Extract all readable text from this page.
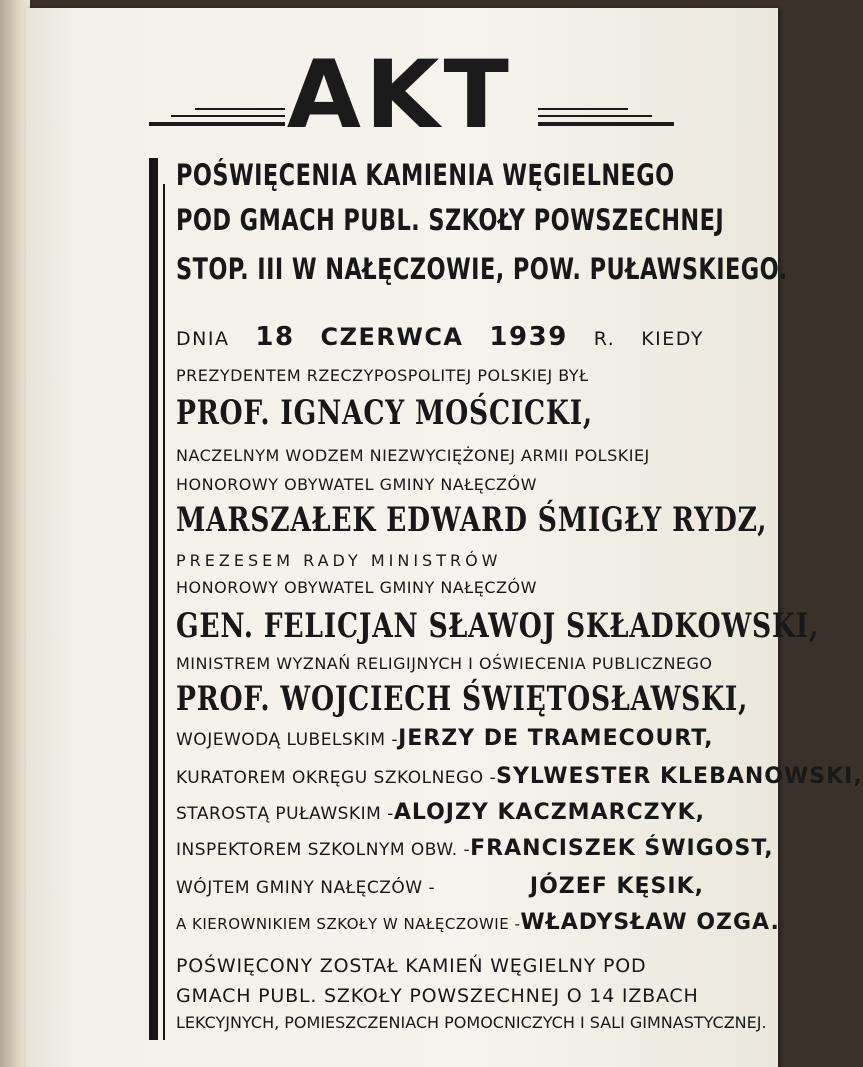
AKT
POŚWIĘCENIA KAMIENIA WĘGIELNEGO
POD GMACH PUBL. SZKOŁY POWSZECHNEJ
STOP. III W NAŁĘCZOWIE, POW. PUŁAWSKIEGO.
DNIA 18 CZERWCA 1939 R. KIEDY
PREZYDENTEM RZECZYPOSPOLITEJ POLSKIEJ BYŁ
PROF. IGNACY MOŚCICKI,
NACZELNYM WODZEM NIEZWYCIĘŻONEJ ARMII POLSKIEJ
HONOROWY OBYWATEL GMINY NAŁĘCZÓW
MARSZAŁEK EDWARD ŚMIGŁY RYDZ,
PREZESEM RADY MINISTRÓW
HONOROWY OBYWATEL GMINY NAŁĘCZÓW
GEN. FELICJAN SŁAWOJ SKŁADKOWSKI,
MINISTREM WYZNAŃ RELIGIJNYCH I OŚWIECENIA PUBLICZNEGO
PROF. WOJCIECH ŚWIĘTOSŁAWSKI,
WOJEWODĄ LUBELSKIM - JERZY DE TRAMECOURT,
KURATOREM OKRĘGU SZKOLNEGO - SYLWESTER KLEBANOWSKI,
STAROSTĄ PUŁAWSKIM - ALOJZY KACZMARCZYK,
INSPEKTOREM SZKOLNYM OBW. - FRANCISZEK ŚWIGOST,
WÓJTEM GMINY NAŁĘCZÓW -	JÓZEF KĘSIK,
A KIEROWNIKIEM SZKOŁY W NAŁĘCZOWIE - WŁADYSŁAW OZGA.
POŚWIĘCONY ZOSTAŁ KAMIEŃ WĘGIELNY POD
GMACH PUBL. SZKOŁY POWSZECHNEJ O 14 IZBACH
LEKCYJNYCH, POMIESZCZENIACH POMOCNICZYCH I SALI GIMNASTYCZNEJ.
